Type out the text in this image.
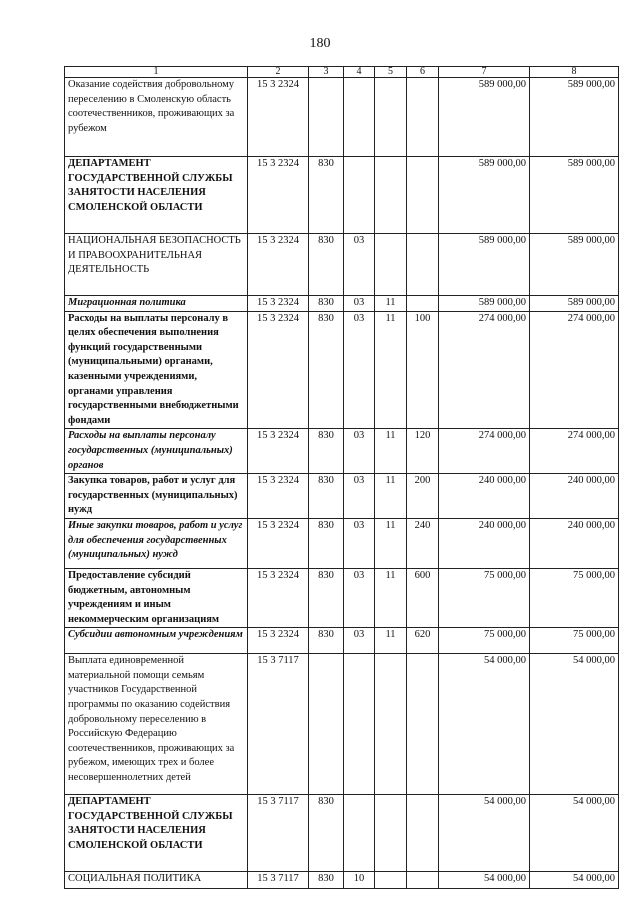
180
1	2	3	4	5	6	7	8
Оказание содействия добровольному переселению в Смоленскую область соотечественников, проживающих за рубежом	15 3 2324					589 000,00	589 000,00
ДЕПАРТАМЕНТ ГОСУДАРСТВЕННОЙ СЛУЖБЫ ЗАНЯТОСТИ НАСЕЛЕНИЯ СМОЛЕНСКОЙ ОБЛАСТИ	15 3 2324	830				589 000,00	589 000,00
НАЦИОНАЛЬНАЯ БЕЗОПАСНОСТЬ И ПРАВООХРАНИТЕЛЬНАЯ ДЕЯТЕЛЬНОСТЬ	15 3 2324	830	03			589 000,00	589 000,00
Миграционная политика	15 3 2324	830	03	11		589 000,00	589 000,00
Расходы на выплаты персоналу в целях обеспечения выполнения функций государственными (муниципальными) органами, казенными учреждениями, органами управления государственными внебюджетными фондами	15 3 2324	830	03	11	100	274 000,00	274 000,00
Расходы на выплаты персоналу государственных (муниципальных) органов	15 3 2324	830	03	11	120	274 000,00	274 000,00
Закупка товаров, работ и услуг для государственных (муниципальных) нужд	15 3 2324	830	03	11	200	240 000,00	240 000,00
Иные закупки товаров, работ и услуг для обеспечения государственных (муниципальных) нужд	15 3 2324	830	03	11	240	240 000,00	240 000,00
Предоставление субсидий бюджетным, автономным учреждениям и иным некоммерческим организациям	15 3 2324	830	03	11	600	75 000,00	75 000,00
Субсидии автономным учреждениям	15 3 2324	830	03	11	620	75 000,00	75 000,00
Выплата единовременной материальной помощи семьям участников Государственной программы по оказанию содействия добровольному переселению в Российскую Федерацию соотечественников, проживающих за рубежом, имеющих трех и более несовершеннолетних детей	15 3 7117					54 000,00	54 000,00
ДЕПАРТАМЕНТ ГОСУДАРСТВЕННОЙ СЛУЖБЫ ЗАНЯТОСТИ НАСЕЛЕНИЯ СМОЛЕНСКОЙ ОБЛАСТИ	15 3 7117	830				54 000,00	54 000,00
СОЦИАЛЬНАЯ ПОЛИТИКА	15 3 7117	830	10			54 000,00	54 000,00
